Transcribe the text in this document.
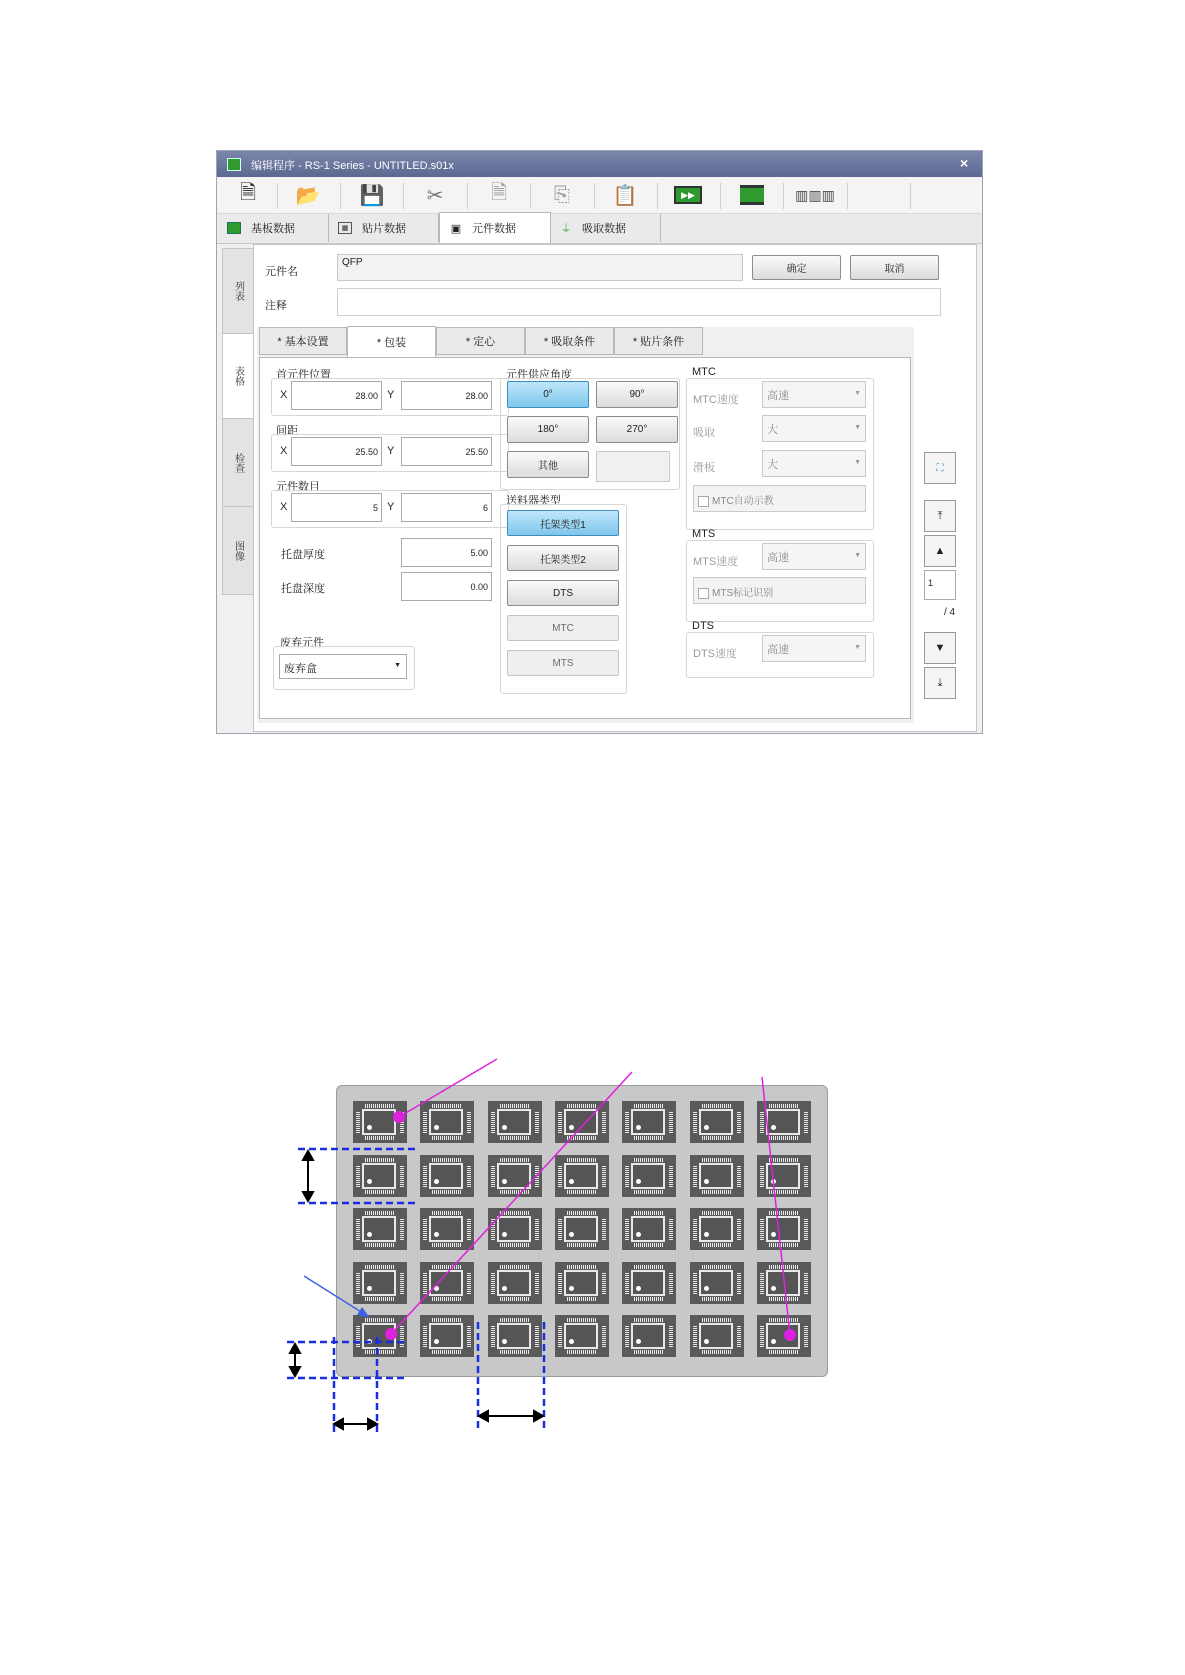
编辑程序 - RS-1 Series - UNTITLED.s01x	×
🗎	📂 💾	✂	🗎	⎘	📋	▶▶	▥▥▥
基板数据	▦	贴片数据	▣ 元件数据	⏚ 吸取数据
列表
表格
检查
图像
元件名
QFP
确定	取消
注释
* 基本设置	* 包装	* 定心	* 吸取条件	* 贴片条件
首元件位置
X	28.00 Y	28.00
间距
X	25.50 Y	25.50
元件数目
X	5 Y	6
托盘厚度	5.00
托盘深度	0.00
废弃元件
废弃盒	▼
元件供应角度
0°	90°
180°	270°
其他
送料器类型
托架类型1
托架类型2
DTS
MTC
MTS
MTC
MTC速度	高速	▼
吸取	大	▼
滑板	大	▼
MTC自动示教
MTS
MTS速度	高速	▼
MTS标记识别
DTS
DTS速度	高速	▼
⛶
⤒
▲
1
/ 4
▼
⤓
